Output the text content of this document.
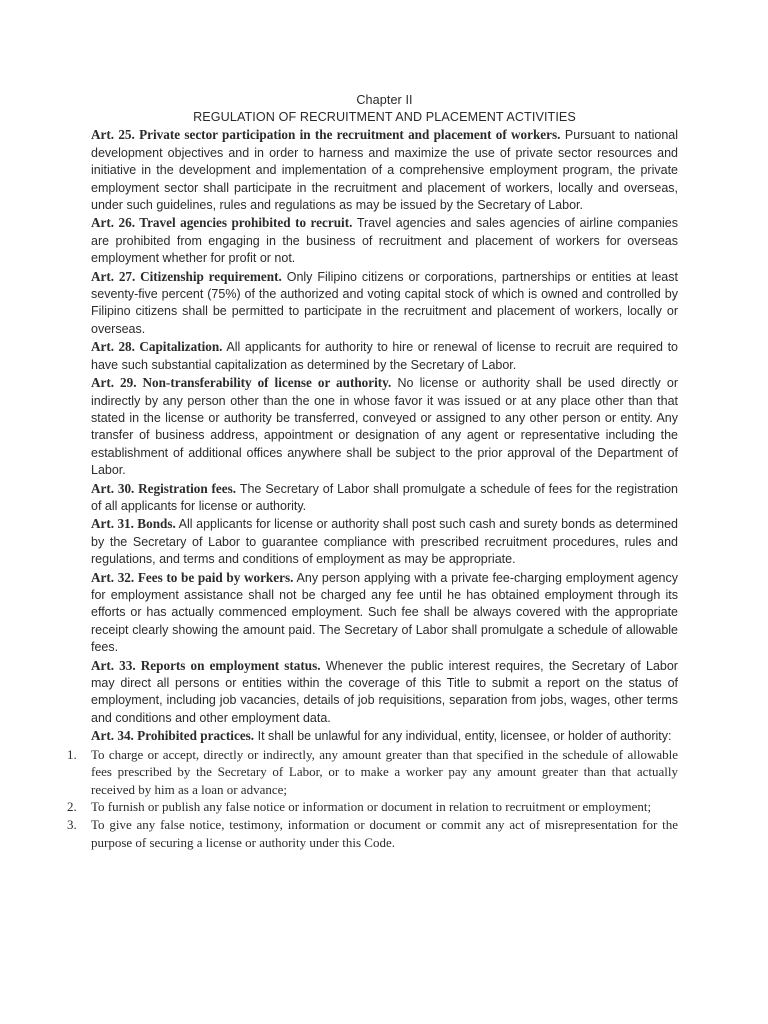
Chapter II
REGULATION OF RECRUITMENT AND PLACEMENT ACTIVITIES

Art. 25. Private sector participation in the recruitment and placement of workers. Pursuant to national development objectives and in order to harness and maximize the use of private sector resources and initiative in the development and implementation of a comprehensive employment program, the private employment sector shall participate in the recruitment and placement of workers, locally and overseas, under such guidelines, rules and regulations as may be issued by the Secretary of Labor.

Art. 26. Travel agencies prohibited to recruit. Travel agencies and sales agencies of airline companies are prohibited from engaging in the business of recruitment and placement of workers for overseas employment whether for profit or not.

Art. 27. Citizenship requirement. Only Filipino citizens or corporations, partnerships or entities at least seventy-five percent (75%) of the authorized and voting capital stock of which is owned and controlled by Filipino citizens shall be permitted to participate in the recruitment and placement of workers, locally or overseas.

Art. 28. Capitalization. All applicants for authority to hire or renewal of license to recruit are required to have such substantial capitalization as determined by the Secretary of Labor.

Art. 29. Non-transferability of license or authority. No license or authority shall be used directly or indirectly by any person other than the one in whose favor it was issued or at any place other than that stated in the license or authority be transferred, conveyed or assigned to any other person or entity. Any transfer of business address, appointment or designation of any agent or representative including the establishment of additional offices anywhere shall be subject to the prior approval of the Department of Labor.

Art. 30. Registration fees. The Secretary of Labor shall promulgate a schedule of fees for the registration of all applicants for license or authority.

Art. 31. Bonds. All applicants for license or authority shall post such cash and surety bonds as determined by the Secretary of Labor to guarantee compliance with prescribed recruitment procedures, rules and regulations, and terms and conditions of employment as may be appropriate.

Art. 32. Fees to be paid by workers. Any person applying with a private fee-charging employment agency for employment assistance shall not be charged any fee until he has obtained employment through its efforts or has actually commenced employment. Such fee shall be always covered with the appropriate receipt clearly showing the amount paid. The Secretary of Labor shall promulgate a schedule of allowable fees.

Art. 33. Reports on employment status. Whenever the public interest requires, the Secretary of Labor may direct all persons or entities within the coverage of this Title to submit a report on the status of employment, including job vacancies, details of job requisitions, separation from jobs, wages, other terms and conditions and other employment data.

Art. 34. Prohibited practices. It shall be unlawful for any individual, entity, licensee, or holder of authority:

1.	To charge or accept, directly or indirectly, any amount greater than that specified in the schedule of allowable fees prescribed by the Secretary of Labor, or to make a worker pay any amount greater than that actually received by him as a loan or advance;
2.	To furnish or publish any false notice or information or document in relation to recruitment or employment;
3.	To give any false notice, testimony, information or document or commit any act of misrepresentation for the purpose of securing a license or authority under this Code.
